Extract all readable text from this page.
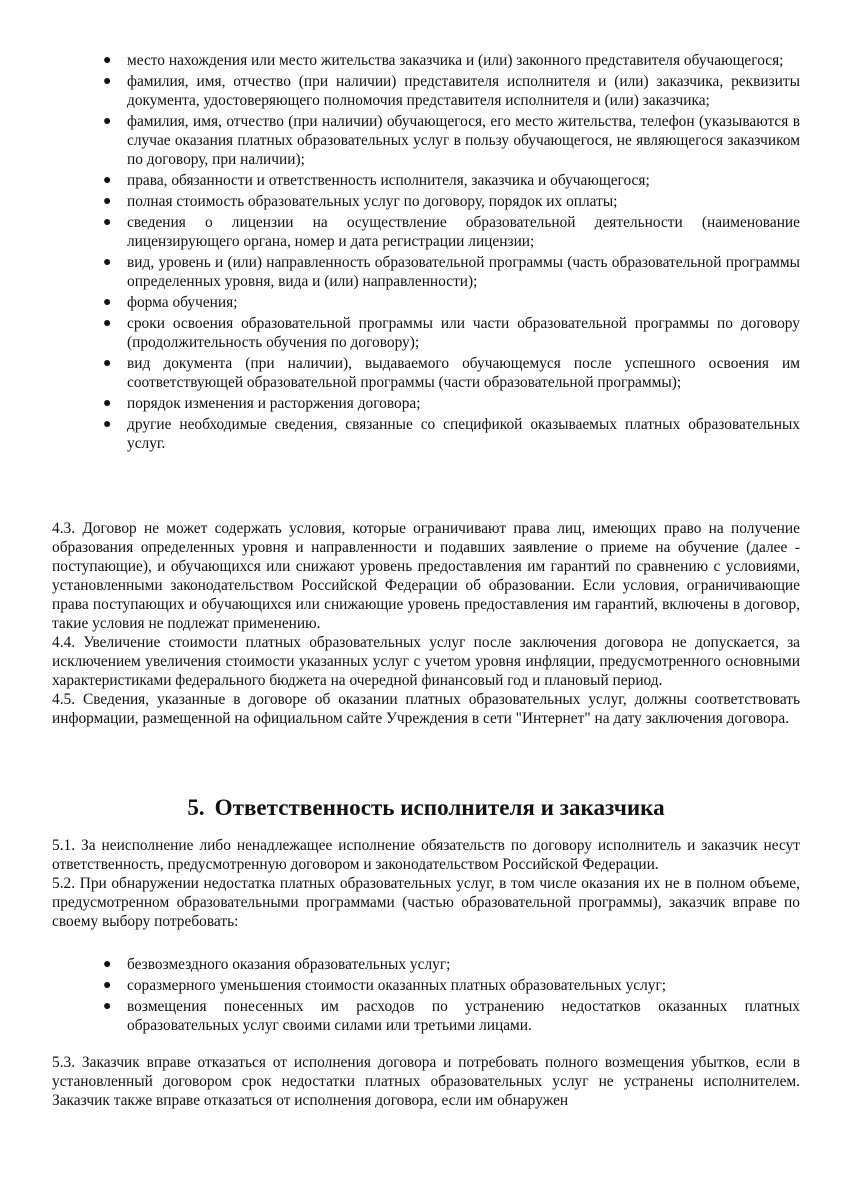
● место нахождения или место жительства заказчика и (или) законного представителя обучающегося;
● фамилия, имя, отчество (при наличии) представителя исполнителя и (или) заказчика, реквизиты документа, удостоверяющего полномочия представителя исполнителя и (или) заказчика;
● фамилия, имя, отчество (при наличии) обучающегося, его место жительства, телефон (указываются в случае оказания платных образовательных услуг в пользу обучающегося, не являющегося заказчиком по договору, при наличии);
● права, обязанности и ответственность исполнителя, заказчика и обучающегося;
● полная стоимость образовательных услуг по договору, порядок их оплаты;
● сведения о лицензии на осуществление образовательной деятельности (наименование лицензирующего органа, номер и дата регистрации лицензии;
● вид, уровень и (или) направленность образовательной программы (часть образовательной программы определенных уровня, вида и (или) направленности);
● форма обучения;
● сроки освоения образовательной программы или части образовательной программы по договору (продолжительность обучения по договору);
● вид документа (при наличии), выдаваемого обучающемуся после успешного освоения им соответствующей образовательной программы (части образовательной программы);
● порядок изменения и расторжения договора;
● другие необходимые сведения, связанные со спецификой оказываемых платных образовательных услуг.

4.3. Договор не может содержать условия, которые ограничивают права лиц, имеющих право на получение образования определенных уровня и направленности и подавших заявление о приеме на обучение (далее - поступающие), и обучающихся или снижают уровень предоставления им гарантий по сравнению с условиями, установленными законодательством Российской Федерации об образовании. Если условия, ограничивающие права поступающих и обучающихся или снижающие уровень предоставления им гарантий, включены в договор, такие условия не подлежат применению.

4.4. Увеличение стоимости платных образовательных услуг после заключения договора не допускается, за исключением увеличения стоимости указанных услуг с учетом уровня инфляции, предусмотренного основными характеристиками федерального бюджета на очередной финансовый год и плановый период.

4.5. Сведения, указанные в договоре об оказании платных образовательных услуг, должны соответствовать информации, размещенной на официальном сайте Учреждения в сети "Интернет" на дату заключения договора.

5. Ответственность исполнителя и заказчика

5.1. За неисполнение либо ненадлежащее исполнение обязательств по договору исполнитель и заказчик несут ответственность, предусмотренную договором и законодательством Российской Федерации.

5.2. При обнаружении недостатка платных образовательных услуг, в том числе оказания их не в полном объеме, предусмотренном образовательными программами (частью образовательной программы), заказчик вправе по своему выбору потребовать:

● безвозмездного оказания образовательных услуг;
● соразмерного уменьшения стоимости оказанных платных образовательных услуг;
● возмещения понесенных им расходов по устранению недостатков оказанных платных образовательных услуг своими силами или третьими лицами.

5.3. Заказчик вправе отказаться от исполнения договора и потребовать полного возмещения убытков, если в установленный договором срок недостатки платных образовательных услуг не устранены исполнителем. Заказчик также вправе отказаться от исполнения договора, если им обнаружен
